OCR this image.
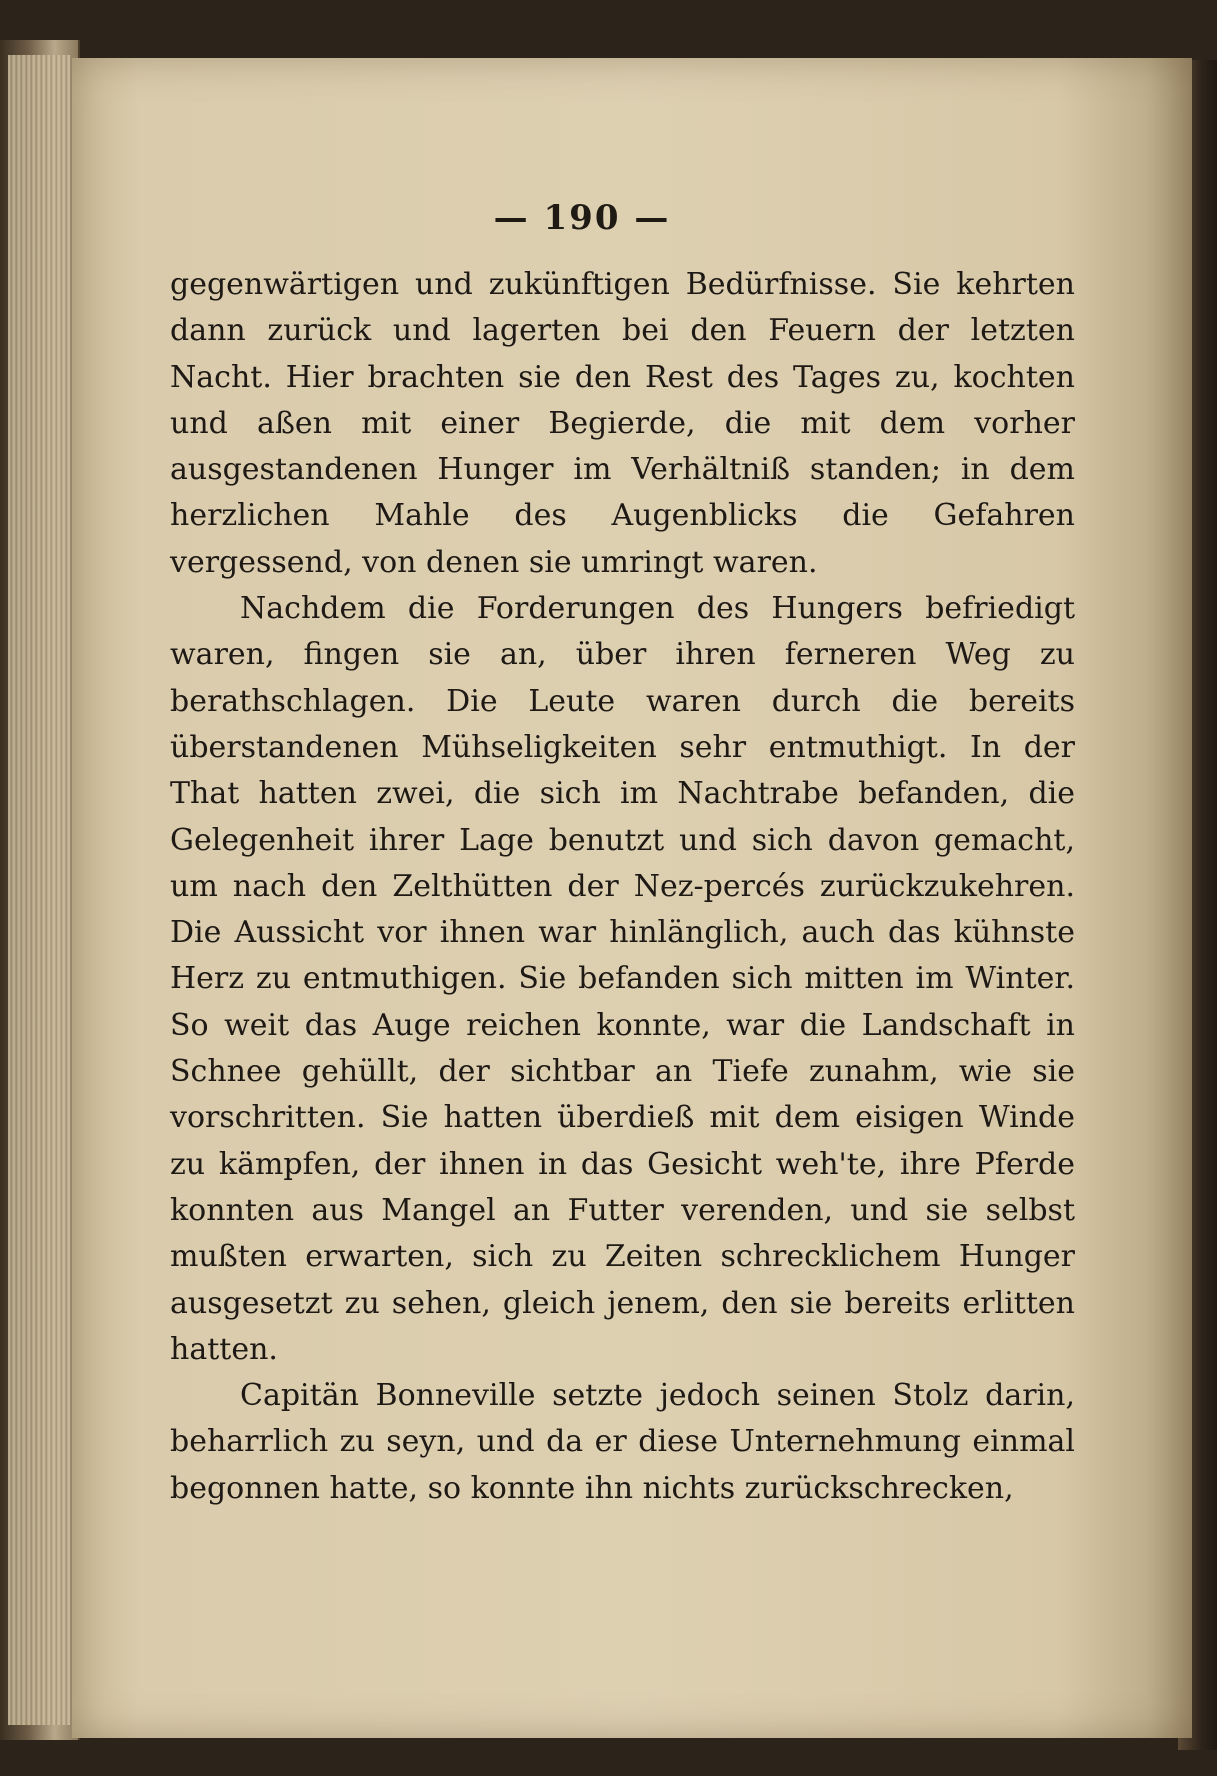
— 190 —

gegenwärtigen und zukünftigen Bedürfnisse. Sie kehrten dann zurück und lagerten bei den Feuern der letzten Nacht. Hier brachten sie den Rest des Tages zu, kochten und aßen mit einer Begierde, die mit dem vorher ausgestandenen Hunger im Verhältniß standen; in dem herzlichen Mahle des Augenblicks die Gefahren vergessend, von denen sie umringt waren.

Nachdem die Forderungen des Hungers befriedigt waren, fingen sie an, über ihren ferneren Weg zu berathschlagen. Die Leute waren durch die bereits überstandenen Mühseligkeiten sehr entmuthigt. In der That hatten zwei, die sich im Nachtrabe befanden, die Gelegenheit ihrer Lage benutzt und sich davon gemacht, um nach den Zelthütten der Nez-percés zurückzukehren. Die Aussicht vor ihnen war hinlänglich, auch das kühnste Herz zu entmuthigen. Sie befanden sich mitten im Winter. So weit das Auge reichen konnte, war die Landschaft in Schnee gehüllt, der sichtbar an Tiefe zunahm, wie sie vorschritten. Sie hatten überdieß mit dem eisigen Winde zu kämpfen, der ihnen in das Gesicht weh'te, ihre Pferde konnten aus Mangel an Futter verenden, und sie selbst mußten erwarten, sich zu Zeiten schrecklichem Hunger ausgesetzt zu sehen, gleich jenem, den sie bereits erlitten hatten.

Capitän Bonneville setzte jedoch seinen Stolz darin, beharrlich zu seyn, und da er diese Unternehmung einmal begonnen hatte, so konnte ihn nichts zurückschrecken,
